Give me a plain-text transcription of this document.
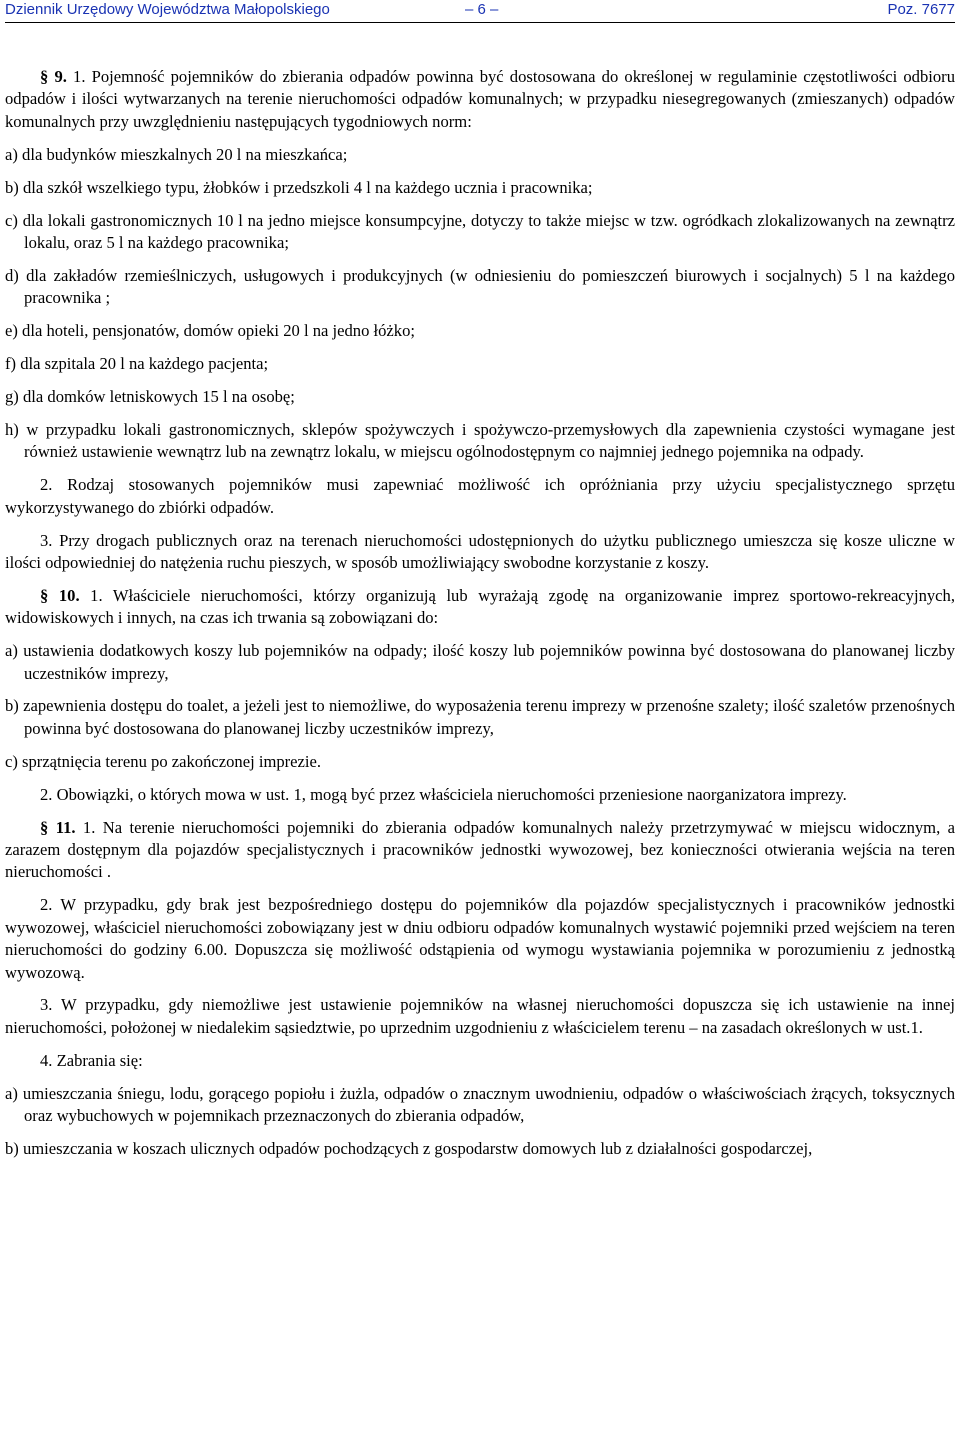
Dziennik Urzędowy Województwa Małopolskiego	– 6 –	Poz. 7677

§ 9. 1. Pojemność pojemników do zbierania odpadów powinna być dostosowana do określonej w regulaminie częstotliwości odbioru odpadów i ilości wytwarzanych na terenie nieruchomości odpadów komunalnych; w przypadku niesegregowanych (zmieszanych) odpadów komunalnych przy uwzględnieniu następujących tygodniowych norm:

a) dla budynków mieszkalnych 20 l na mieszkańca;

b) dla szkół wszelkiego typu, żłobków i przedszkoli 4 l na każdego ucznia i pracownika;

c) dla lokali gastronomicznych 10 l na jedno miejsce konsumpcyjne, dotyczy to także miejsc w tzw. ogródkach zlokalizowanych na zewnątrz lokalu, oraz 5 l na każdego pracownika;

d) dla zakładów rzemieślniczych, usługowych i produkcyjnych (w odniesieniu do pomieszczeń biurowych i socjalnych) 5 l na każdego pracownika ;

e) dla hoteli, pensjonatów, domów opieki 20 l na jedno łóżko;

f) dla szpitala 20 l na każdego pacjenta;

g) dla domków letniskowych 15 l na osobę;

h) w przypadku lokali gastronomicznych, sklepów spożywczych i spożywczo-przemysłowych dla zapewnienia czystości wymagane jest również ustawienie wewnątrz lub na zewnątrz lokalu, w miejscu ogólnodostępnym co najmniej jednego pojemnika na odpady.

2. Rodzaj stosowanych pojemników musi zapewniać możliwość ich opróżniania przy użyciu specjalistycznego sprzętu wykorzystywanego do zbiórki odpadów.

3. Przy drogach publicznych oraz na terenach nieruchomości udostępnionych do użytku publicznego umieszcza się kosze uliczne w ilości odpowiedniej do natężenia ruchu pieszych, w sposób umożliwiający swobodne korzystanie z koszy.

§ 10. 1. Właściciele nieruchomości, którzy organizują lub wyrażają zgodę na organizowanie imprez sportowo-rekreacyjnych, widowiskowych i innych, na czas ich trwania są zobowiązani do:

a) ustawienia dodatkowych koszy lub pojemników na odpady; ilość koszy lub pojemników powinna być dostosowana do planowanej liczby uczestników imprezy,

b) zapewnienia dostępu do toalet, a jeżeli jest to niemożliwe, do wyposażenia terenu imprezy w przenośne szalety; ilość szaletów przenośnych powinna być dostosowana do planowanej liczby uczestników imprezy,

c) sprzątnięcia terenu po zakończonej imprezie.

2. Obowiązki, o których mowa w ust. 1, mogą być przez właściciela nieruchomości przeniesione naorganizatora imprezy.

§ 11. 1. Na terenie nieruchomości pojemniki do zbierania odpadów komunalnych należy przetrzymywać w miejscu widocznym, a zarazem dostępnym dla pojazdów specjalistycznych i pracowników jednostki wywozowej, bez konieczności otwierania wejścia na teren nieruchomości .

2. W przypadku, gdy brak jest bezpośredniego dostępu do pojemników dla pojazdów specjalistycznych i pracowników jednostki wywozowej, właściciel nieruchomości zobowiązany jest w dniu odbioru odpadów komunalnych wystawić pojemniki przed wejściem na teren nieruchomości do godziny 6.00. Dopuszcza się możliwość odstąpienia od wymogu wystawiania pojemnika w porozumieniu z jednostką wywozową.

3. W przypadku, gdy niemożliwe jest ustawienie pojemników na własnej nieruchomości dopuszcza się ich ustawienie na innej nieruchomości, położonej w niedalekim sąsiedztwie, po uprzednim uzgodnieniu z właścicielem terenu – na zasadach określonych w ust.1.

4. Zabrania się:

a) umieszczania śniegu, lodu, gorącego popiołu i żużla, odpadów o znacznym uwodnieniu, odpadów o właściwościach żrących, toksycznych oraz wybuchowych w pojemnikach przeznaczonych do zbierania odpadów,

b) umieszczania w koszach ulicznych odpadów pochodzących z gospodarstw domowych lub z działalności gospodarczej,
